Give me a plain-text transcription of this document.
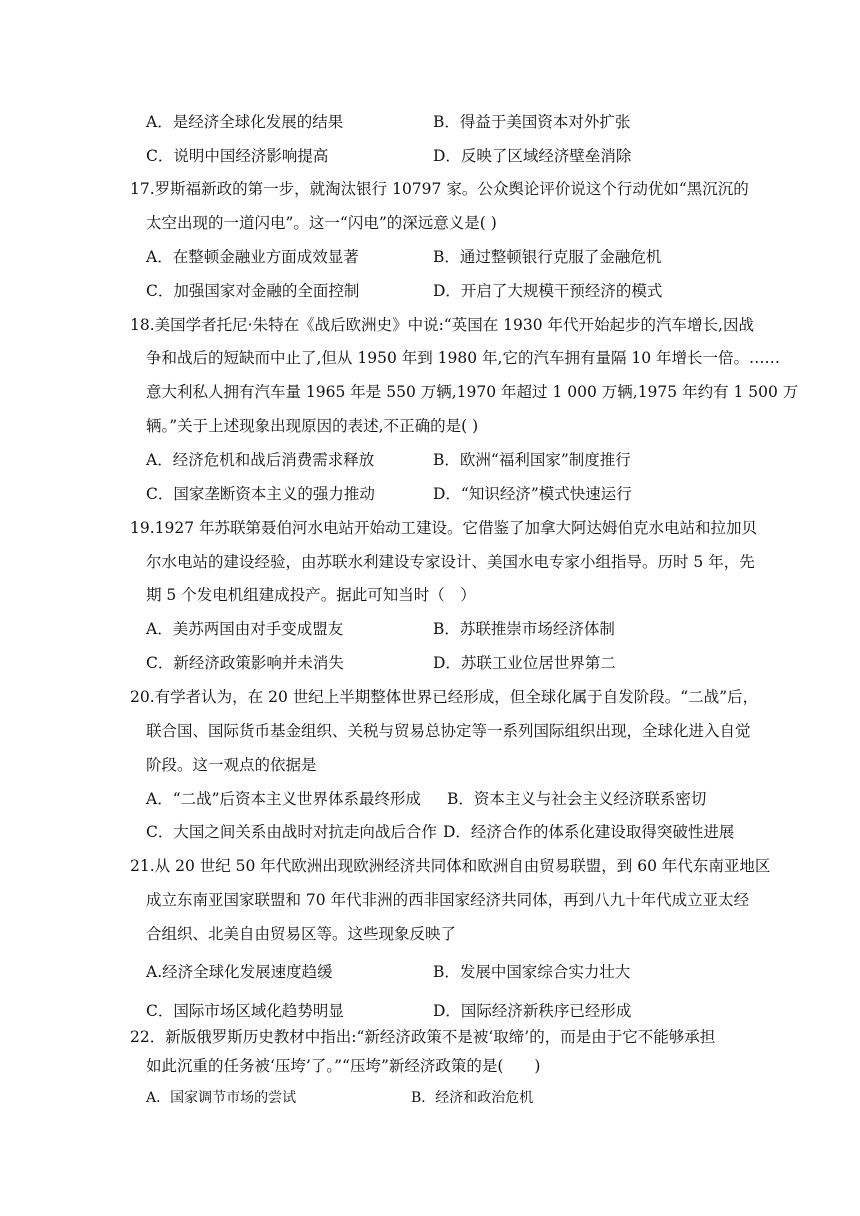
A．是经济全球化发展的结果	B．得益于美国资本对外扩张
C．说明中国经济影响提高	D．反映了区域经济壁垒消除
17.罗斯福新政的第一步，就淘汰银行 10797 家。公众舆论评价说这个行动优如“黑沉沉的
太空出现的一道闪电”。这一“闪电”的深远意义是( )
A．在整顿金融业方面成效显著	B．通过整顿银行克服了金融危机
C．加强国家对金融的全面控制	D．开启了大规模干预经济的模式
18.美国学者托尼·朱特在《战后欧洲史》中说:“英国在 1930 年代开始起步的汽车增长,因战
争和战后的短缺而中止了,但从 1950 年到 1980 年,它的汽车拥有量隔 10 年增长一倍。……
意大利私人拥有汽车量 1965 年是 550 万辆,1970 年超过 1 000 万辆,1975 年约有 1 500 万
辆。”关于上述现象出现原因的表述,不正确的是( )
A．经济危机和战后消费需求释放	B．欧洲“福利国家”制度推行
C．国家垄断资本主义的强力推动	D．“知识经济”模式快速运行
19.1927 年苏联第聂伯河水电站开始动工建设。它借鉴了加拿大阿达姆伯克水电站和拉加贝
尔水电站的建设经验，由苏联水利建设专家设计、美国水电专家小组指导。历时 5 年，先
期 5 个发电机组建成投产。据此可知当时（　）
A．美苏两国由对手变成盟友	B．苏联推崇市场经济体制
C．新经济政策影响并未消失	D．苏联工业位居世界第二
20.有学者认为，在 20 世纪上半期整体世界已经形成，但全球化属于自发阶段。“二战”后，
联合国、国际货币基金组织、关税与贸易总协定等一系列国际组织出现，全球化进入自觉
阶段。这一观点的依据是
A．“二战”后资本主义世界体系最终形成 B．资本主义与社会主义经济联系密切
C．大国之间关系由战时对抗走向战后合作 D．经济合作的体系化建设取得突破性进展
21.从 20 世纪 50 年代欧洲出现欧洲经济共同体和欧洲自由贸易联盟，到 60 年代东南亚地区
成立东南亚国家联盟和 70 年代非洲的西非国家经济共同体，再到八九十年代成立亚太经
合组织、北美自由贸易区等。这些现象反映了
A.经济全球化发展速度趋缓	B．发展中国家综合实力壮大
C．国际市场区域化趋势明显	D．国际经济新秩序已经形成
22．新版俄罗斯历史教材中指出:“新经济政策不是被‘取缔’的，而是由于它不能够承担
如此沉重的任务被‘压垮’了。”“压垮”新经济政策的是(　　)
A．国家调节市场的尝试	B．经济和政治危机
